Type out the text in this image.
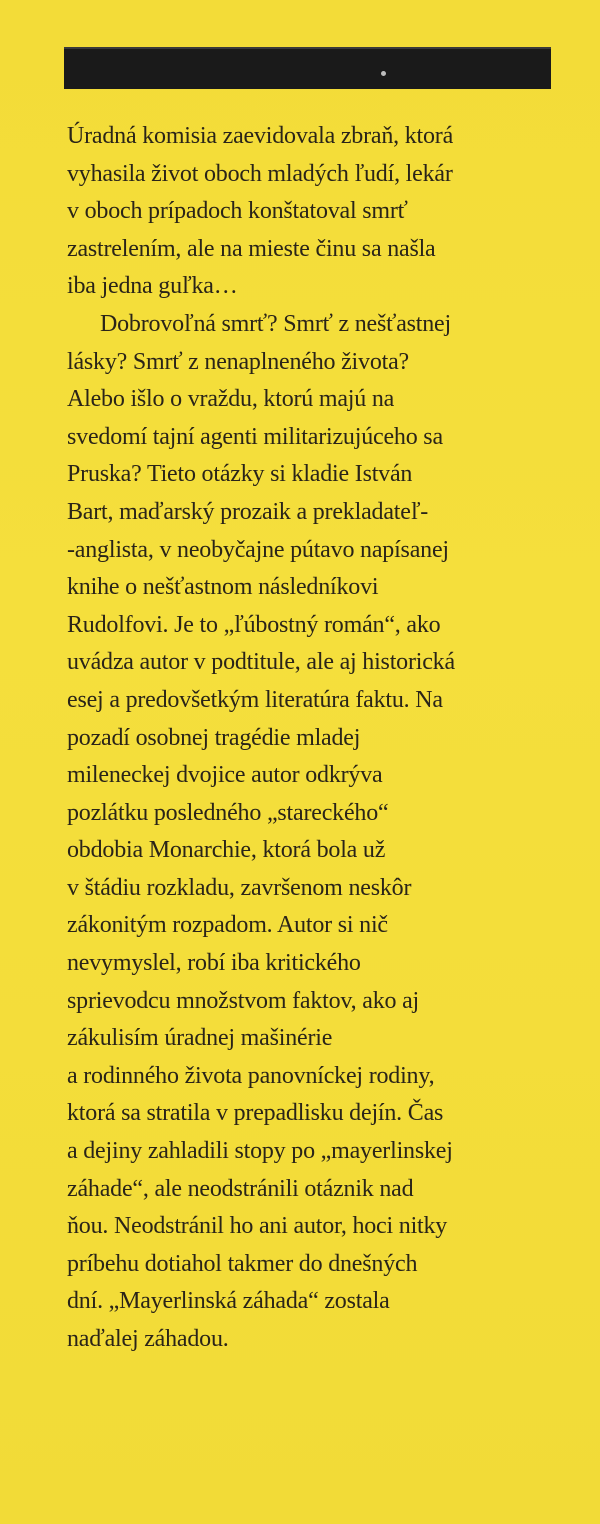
Úradná komisia zaevidovala zbraň, ktorá
vyhasila život oboch mladých ľudí, lekár
v oboch prípadoch konštatoval smrť
zastrelením, ale na mieste činu sa našla
iba jedna guľka…
Dobrovoľná smrť? Smrť z nešťastnej
lásky? Smrť z nenaplneného života?
Alebo išlo o vraždu, ktorú majú na
svedomí tajní agenti militarizujúceho sa
Pruska? Tieto otázky si kladie István
Bart, maďarský prozaik a prekladateľ-
-anglista, v neobyčajne pútavo napísanej
knihe o nešťastnom následníkovi
Rudolfovi. Je to „ľúbostný román“, ako
uvádza autor v podtitule, ale aj historická
esej a predovšetkým literatúra faktu. Na
pozadí osobnej tragédie mladej
mileneckej dvojice autor odkrýva
pozlátku posledného „stareckého“
obdobia Monarchie, ktorá bola už
v štádiu rozkladu, završenom neskôr
zákonitým rozpadom. Autor si nič
nevymyslel, robí iba kritického
sprievodcu množstvom faktov, ako aj
zákulisím úradnej mašinérie
a rodinného života panovníckej rodiny,
ktorá sa stratila v prepadlisku dejín. Čas
a dejiny zahladili stopy po „mayerlinskej
záhade“, ale neodstránili otáznik nad
ňou. Neodstránil ho ani autor, hoci nitky
príbehu dotiahol takmer do dnešných
dní. „Mayerlinská záhada“ zostala
naďalej záhadou.
